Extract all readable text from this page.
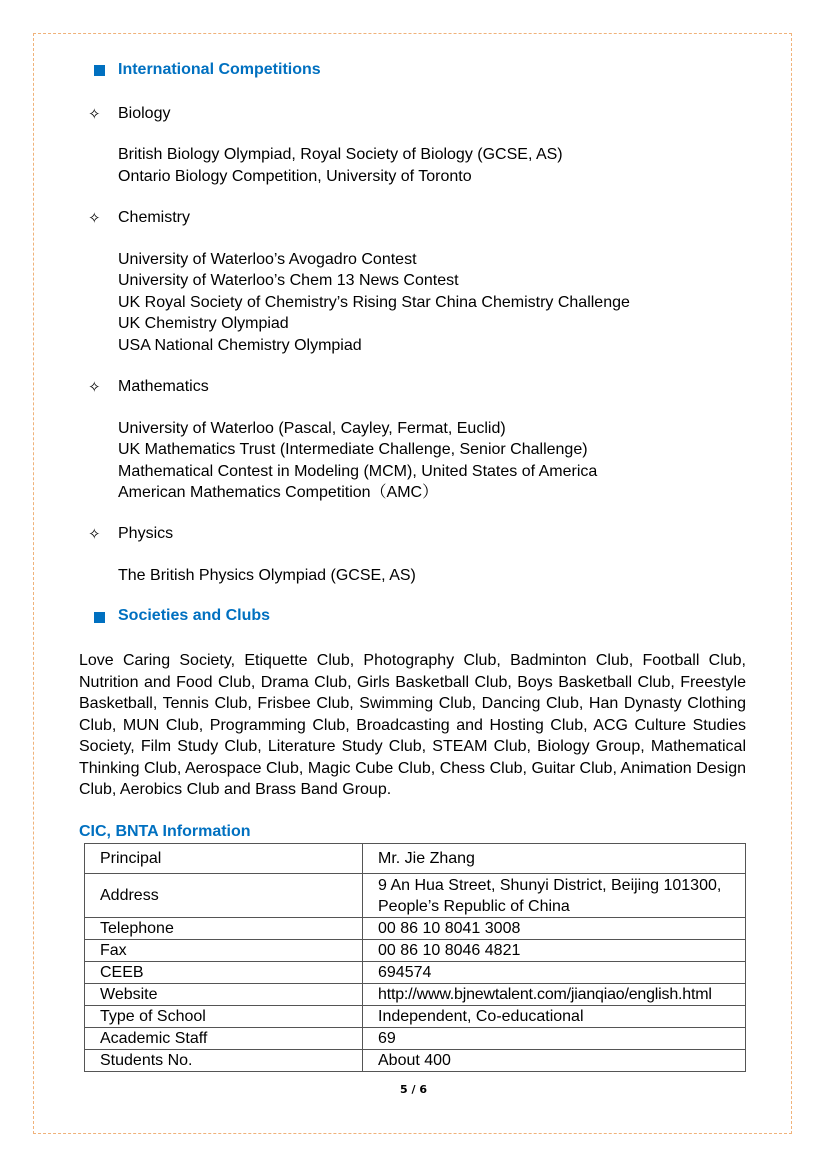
International Competitions
✧ Biology
British Biology Olympiad, Royal Society of Biology (GCSE, AS)
Ontario Biology Competition, University of Toronto
✧ Chemistry
University of Waterloo’s Avogadro Contest
University of Waterloo’s Chem 13 News Contest
UK Royal Society of Chemistry’s Rising Star China Chemistry Challenge
UK Chemistry Olympiad
USA National Chemistry Olympiad
✧ Mathematics
University of Waterloo (Pascal, Cayley, Fermat, Euclid)
UK Mathematics Trust (Intermediate Challenge, Senior Challenge)
Mathematical Contest in Modeling (MCM), United States of America
American Mathematics Competition（AMC）
✧ Physics
The British Physics Olympiad (GCSE, AS)
Societies and Clubs
Love Caring Society, Etiquette Club, Photography Club, Badminton Club, Football Club, Nutrition and Food Club, Drama Club, Girls Basketball Club, Boys Basketball Club, Freestyle Basketball, Tennis Club, Frisbee Club, Swimming Club, Dancing Club, Han Dynasty Clothing Club, MUN Club, Programming Club, Broadcasting and Hosting Club, ACG Culture Studies Society, Film Study Club, Literature Study Club, STEAM Club, Biology Group, Mathematical Thinking Club, Aerospace Club, Magic Cube Club, Chess Club, Guitar Club, Animation Design Club, Aerobics Club and Brass Band Group.
CIC, BNTA Information
Principal	Mr. Jie Zhang
Address	9 An Hua Street, Shunyi District, Beijing 101300, People’s Republic of China
Telephone	00 86 10 8041 3008
Fax	00 86 10 8046 4821
CEEB	694574
Website	http://www.bjnewtalent.com/jianqiao/english.html
Type of School	Independent, Co-educational
Academic Staff	69
Students No.	About 400
5 / 6
